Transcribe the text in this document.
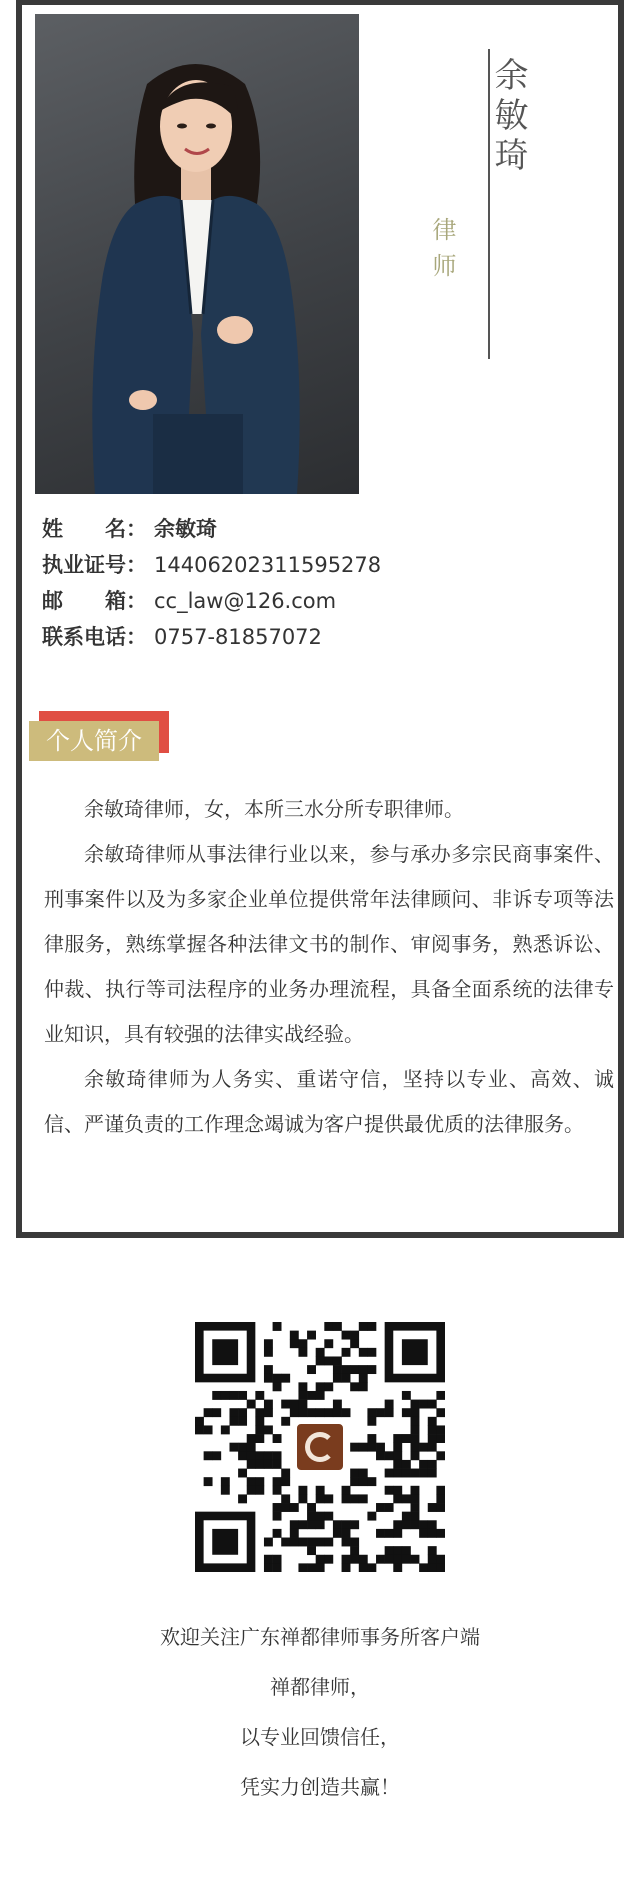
余敏琦
律师
姓　　名： 余敏琦
执业证号： 14406202311595278
邮　　箱： cc_law@126.com
联系电话： 0757-81857072
个人简介

余敏琦律师，女，本所三水分所专职律师。

余敏琦律师从事法律行业以来，参与承办多宗民商事案件、刑事案件以及为多家企业单位提供常年法律顾问、非诉专项等法律服务，熟练掌握各种法律文书的制作、审阅事务，熟悉诉讼、仲裁、执行等司法程序的业务办理流程，具备全面系统的法律专业知识，具有较强的法律实战经验。

余敏琦律师为人务实、重诺守信，坚持以专业、高效、诚信、严谨负责的工作理念竭诚为客户提供最优质的法律服务。

欢迎关注广东禅都律师事务所客户端

禅都律师，

以专业回馈信任，

凭实力创造共赢！
